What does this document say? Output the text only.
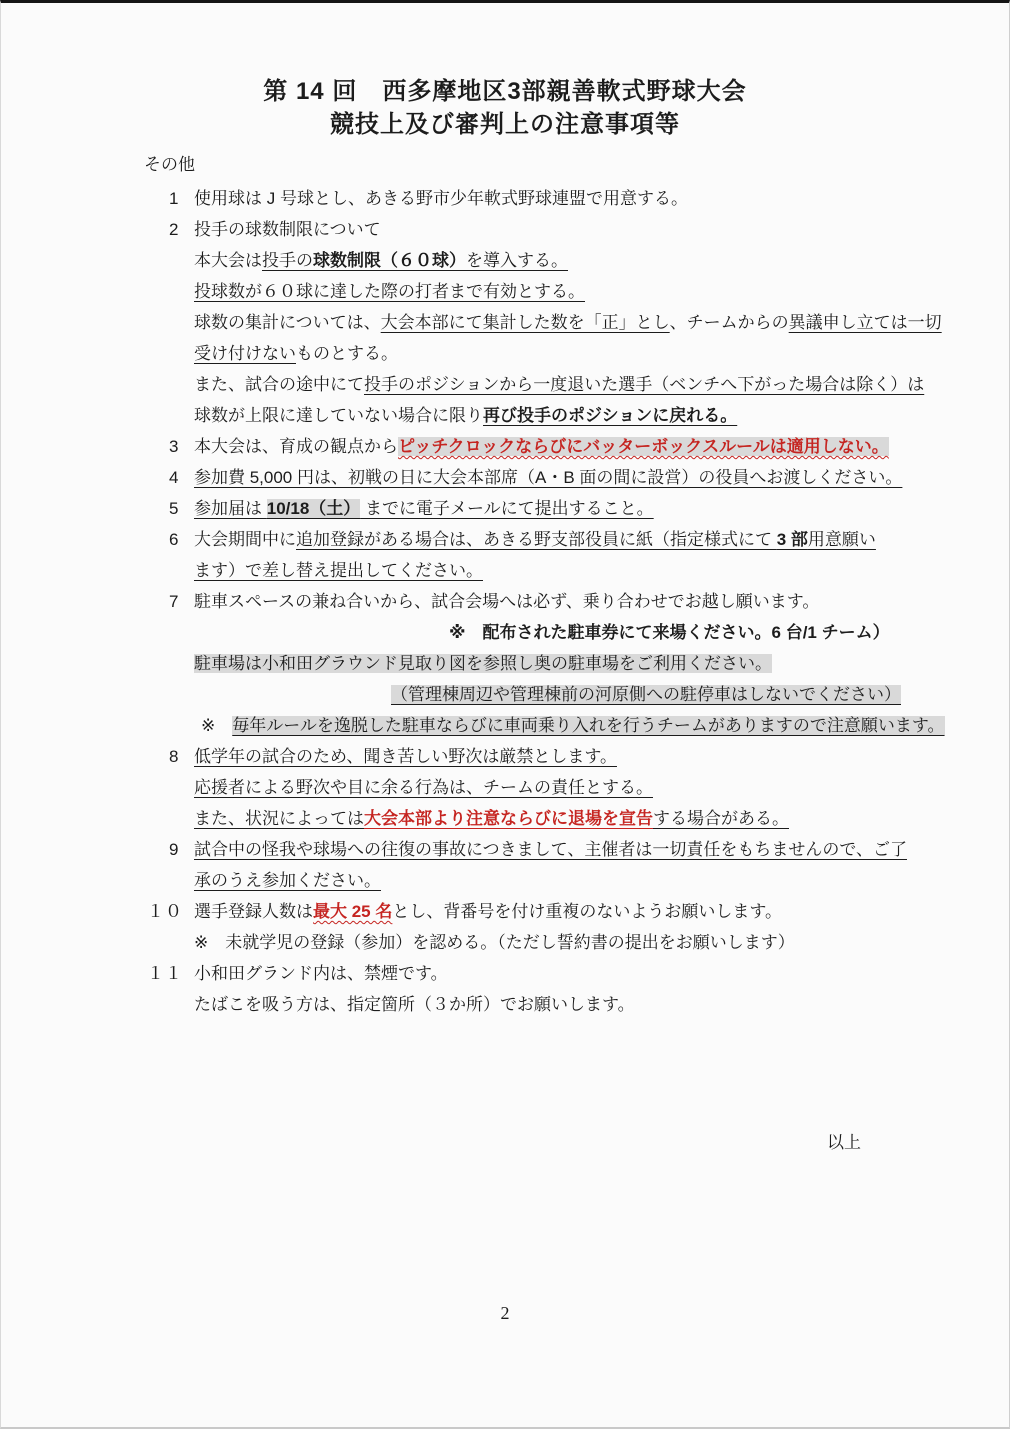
第 14 回　西多摩地区3部親善軟式野球大会
競技上及び審判上の注意事項等
その他
1 使用球は J 号球とし、あきる野市少年軟式野球連盟で用意する。
2 投手の球数制限について
本大会は投手の球数制限（６０球）を導入する。
投球数が６０球に達した際の打者まで有効とする。
球数の集計については、大会本部にて集計した数を「正」とし、チームからの異議申し立ては一切
受け付けないものとする。
また、試合の途中にて投手のポジションから一度退いた選手（ベンチへ下がった場合は除く）は
球数が上限に達していない場合に限り再び投手のポジションに戻れる。
3 本大会は、育成の観点からピッチクロックならびにバッターボックスルールは適用しない。
4 参加費 5,000 円は、初戦の日に大会本部席（A・B 面の間に設営）の役員へお渡しください。
5 参加届は 10/18（土） までに電子メールにて提出すること。
6 大会期間中に追加登録がある場合は、あきる野支部役員に紙（指定様式にて 3 部用意願い
ます）で差し替え提出してください。
7 駐車スペースの兼ね合いから、試合会場へは必ず、乗り合わせでお越し願います。
※　配布された駐車券にて来場ください。6 台/1 チーム）
駐車場は小和田グラウンド見取り図を参照し奥の駐車場をご利用ください。
（管理棟周辺や管理棟前の河原側への駐停車はしないでください）
※　毎年ルールを逸脱した駐車ならびに車両乗り入れを行うチームがありますので注意願います。
8 低学年の試合のため、聞き苦しい野次は厳禁とします。
応援者による野次や目に余る行為は、チームの責任とする。
また、状況によっては大会本部より注意ならびに退場を宣告する場合がある。
9 試合中の怪我や球場への往復の事故につきまして、主催者は一切責任をもちませんので、ご了
承のうえ参加ください。
１０ 選手登録人数は最大 25 名とし、背番号を付け重複のないようお願いします。
※　未就学児の登録（参加）を認める。（ただし誓約書の提出をお願いします）
１１ 小和田グランド内は、禁煙です。
たばこを吸う方は、指定箇所（３か所）でお願いします。
以上
2
